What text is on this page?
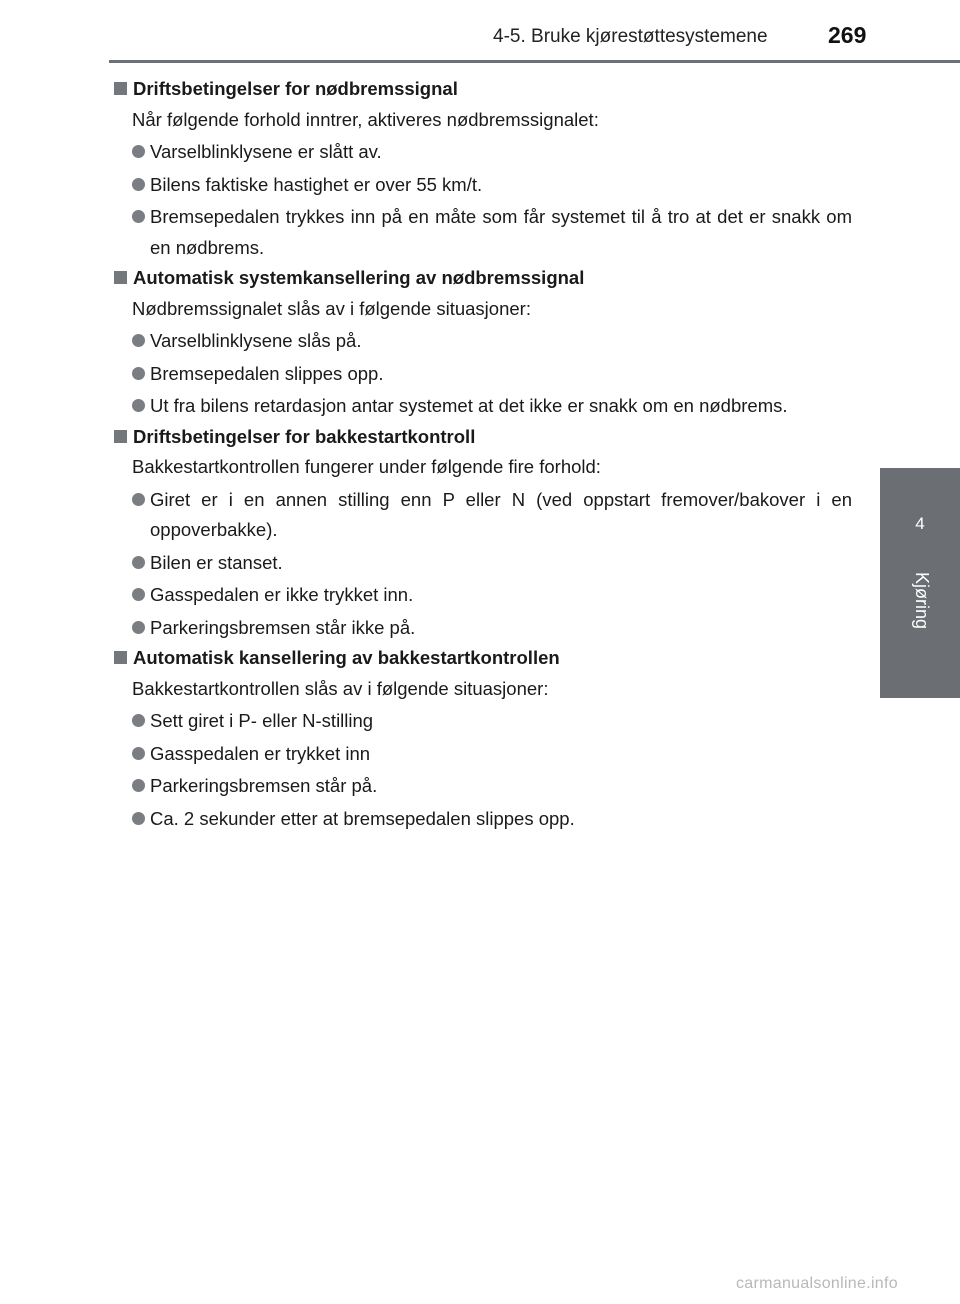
4-5. Bruke kjørestøttesystemene	269
4
Kjøring
Driftsbetingelser for nødbremssignal
Når følgende forhold inntrer, aktiveres nødbremssignalet:
Varselblinklysene er slått av.
Bilens faktiske hastighet er over 55 km/t.
Bremsepedalen trykkes inn på en måte som får systemet til å tro at det er snakk om en nødbrems.
Automatisk systemkansellering av nødbremssignal
Nødbremssignalet slås av i følgende situasjoner:
Varselblinklysene slås på.
Bremsepedalen slippes opp.
Ut fra bilens retardasjon antar systemet at det ikke er snakk om en nødbrems.
Driftsbetingelser for bakkestartkontroll
Bakkestartkontrollen fungerer under følgende fire forhold:
Giret er i en annen stilling enn P eller N (ved oppstart fremover/bakover i en oppoverbakke).
Bilen er stanset.
Gasspedalen er ikke trykket inn.
Parkeringsbremsen står ikke på.
Automatisk kansellering av bakkestartkontrollen
Bakkestartkontrollen slås av i følgende situasjoner:
Sett giret i P- eller N-stilling
Gasspedalen er trykket inn
Parkeringsbremsen står på.
Ca. 2 sekunder etter at bremsepedalen slippes opp.
carmanualsonline.info
